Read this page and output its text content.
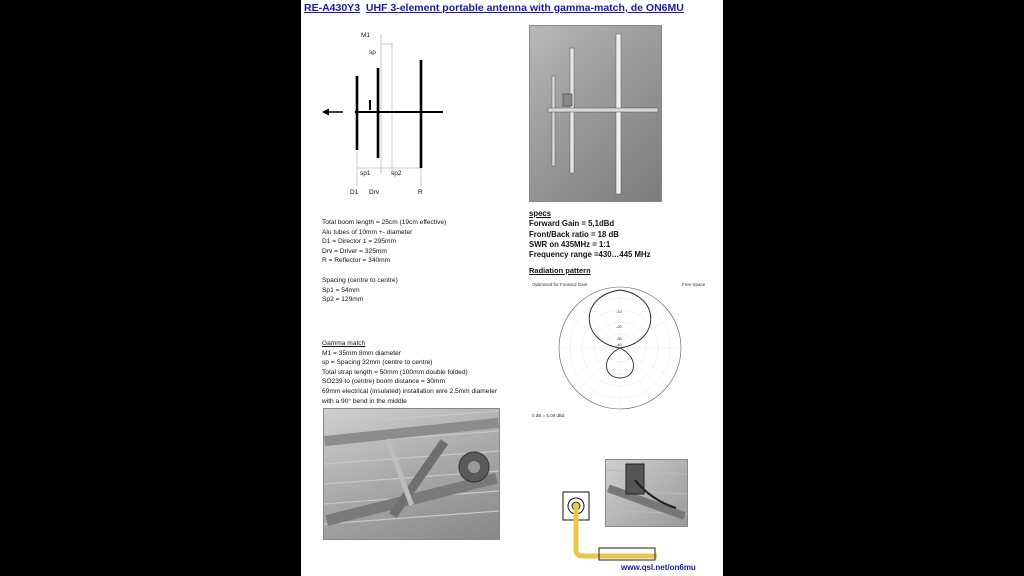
RE-A430Y3 UHF 3-element portable antenna with gamma-match, de ON6MU
M1
sp
sp1	sp2
D1 Drv	R
Total boom length = 25cm (19cm effective)
Alu tubes of 10mm +- diameter
D1 = Director 1 = 295mm
Drv = Driver = 325mm
R = Reflector = 340mm
Spacing (centre to centre)
Sp1 = 54mm
Sp2 = 129mm
Gamma match
M1 = 35mm 8mm diameter
sp = Spacing 32mm (centre to centre)
Total strap length = 50mm (100mm double folded)
SO239 to (centre) boom distance = 30mm
69mm electrical (insulated) installation wire 2,5mm diameter
with a 90° bend in the middle
specs
Forward Gain = 5,1dBd
Front/Back ratio = 18 dB
SWR on 435MHz = 1:1
Frequency range =430…445 MHz
Radiation pattern
Optimised for Forward Gain	Free Space
-10
-20
-30
-40
0 dB = 5.08 dBd
www.qsl.net/on6mu
